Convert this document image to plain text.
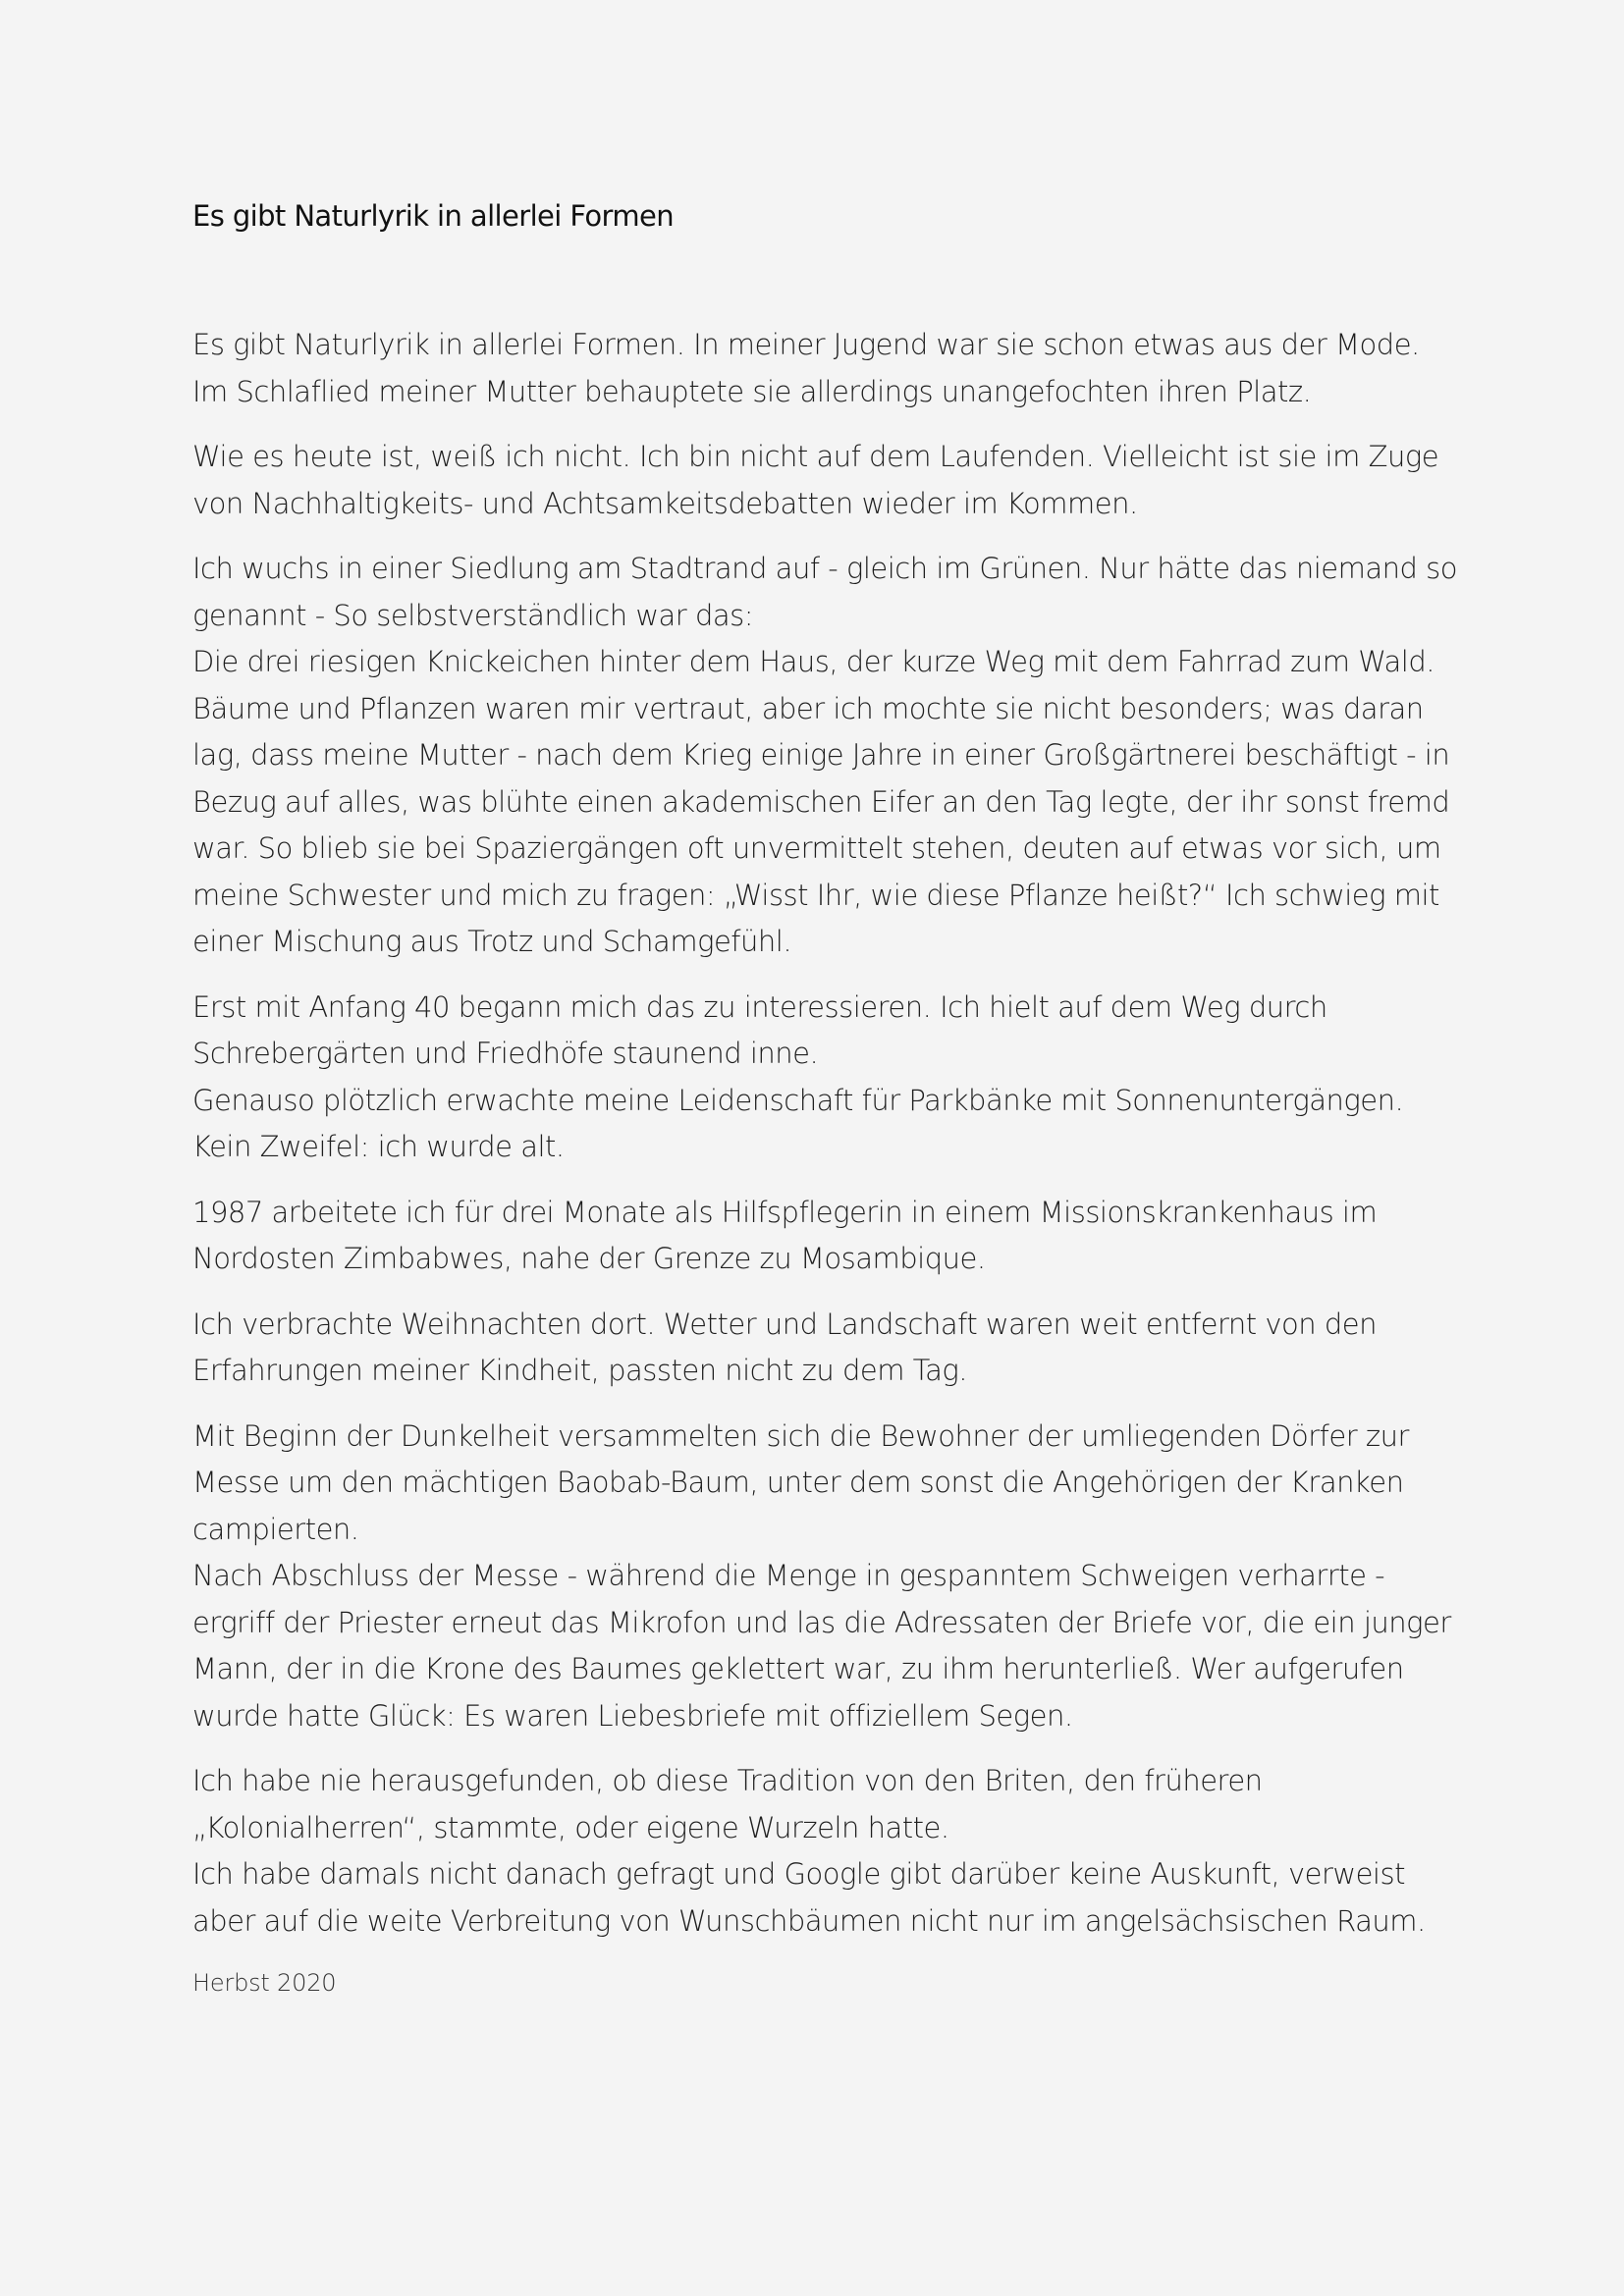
Es gibt Naturlyrik in allerlei Formen

Es gibt Naturlyrik in allerlei Formen. In meiner Jugend war sie schon etwas aus der Mode.
Im Schlaflied meiner Mutter behauptete sie allerdings unangefochten ihren Platz.

Wie es heute ist, weiß ich nicht. Ich bin nicht auf dem Laufenden. Vielleicht ist sie im Zuge
von Nachhaltigkeits- und Achtsamkeitsdebatten wieder im Kommen.

Ich wuchs in einer Siedlung am Stadtrand auf - gleich im Grünen. Nur hätte das niemand so
genannt - So selbstverständlich war das:
Die drei riesigen Knickeichen hinter dem Haus, der kurze Weg mit dem Fahrrad zum Wald.
Bäume und Pflanzen waren mir vertraut, aber ich mochte sie nicht besonders; was daran
lag, dass meine Mutter - nach dem Krieg einige Jahre in einer Großgärtnerei beschäftigt - in
Bezug auf alles, was blühte einen akademischen Eifer an den Tag legte, der ihr sonst fremd
war. So blieb sie bei Spaziergängen oft unvermittelt stehen, deuten auf etwas vor sich, um
meine Schwester und mich zu fragen: „Wisst Ihr, wie diese Pflanze heißt?“ Ich schwieg mit
einer Mischung aus Trotz und Schamgefühl.

Erst mit Anfang 40 begann mich das zu interessieren. Ich hielt auf dem Weg durch
Schrebergärten und Friedhöfe staunend inne.
Genauso plötzlich erwachte meine Leidenschaft für Parkbänke mit Sonnenuntergängen.
Kein Zweifel: ich wurde alt.

1987 arbeitete ich für drei Monate als Hilfspflegerin in einem Missionskrankenhaus im
Nordosten Zimbabwes, nahe der Grenze zu Mosambique.

Ich verbrachte Weihnachten dort. Wetter und Landschaft waren weit entfernt von den
Erfahrungen meiner Kindheit, passten nicht zu dem Tag.

Mit Beginn der Dunkelheit versammelten sich die Bewohner der umliegenden Dörfer zur
Messe um den mächtigen Baobab-Baum, unter dem sonst die Angehörigen der Kranken
campierten.
Nach Abschluss der Messe - während die Menge in gespanntem Schweigen verharrte -
ergriff der Priester erneut das Mikrofon und las die Adressaten der Briefe vor, die ein junger
Mann, der in die Krone des Baumes geklettert war, zu ihm herunterließ. Wer aufgerufen
wurde hatte Glück: Es waren Liebesbriefe mit offiziellem Segen.

Ich habe nie herausgefunden, ob diese Tradition von den Briten, den früheren
„Kolonialherren“, stammte, oder eigene Wurzeln hatte.
Ich habe damals nicht danach gefragt und Google gibt darüber keine Auskunft, verweist
aber auf die weite Verbreitung von Wunschbäumen nicht nur im angelsächsischen Raum.

Herbst 2020
